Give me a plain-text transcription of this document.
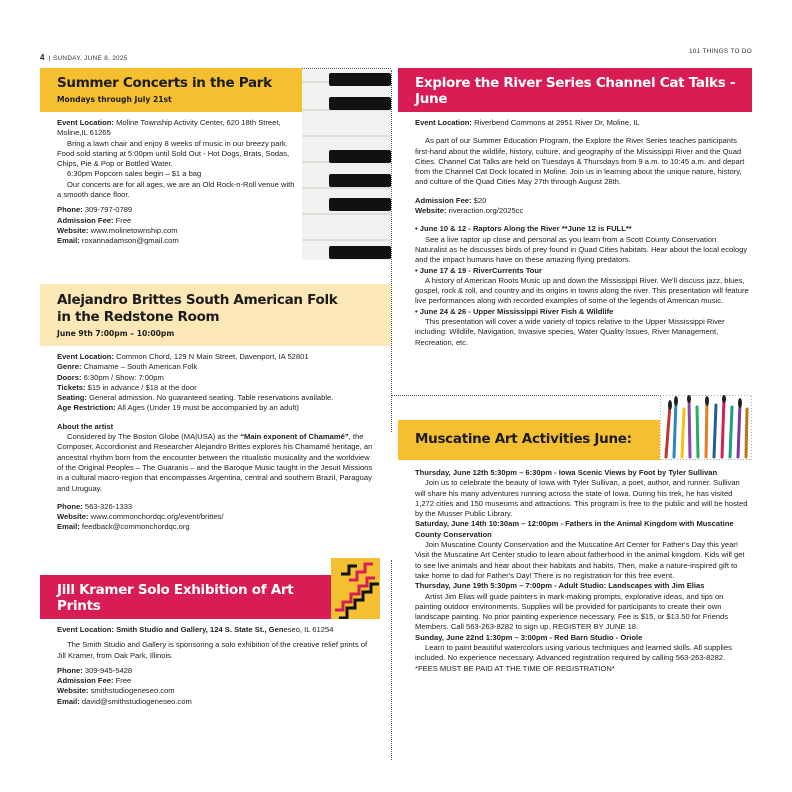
4 | SUNDAY, JUNE 8, 2025
101 THINGS TO DO
Summer Concerts in the Park
Mondays through July 21st

Event Location: Moline Township Activity Center, 620 18th Street, Moline,IL 61265

Bring a lawn chair and enjoy 8 weeks of music in our breezy park. Food sold starting at 5:00pm until Sold Out - Hot Dogs, Brats, Sodas, Chips, Pie & Pop or Bottled Water.

6:30pm Popcorn sales begin – $1 a bag

Our concerts are for all ages, we are an Old Rock-n-Roll venue with a smooth dance floor.

Phone: 309-797-0789

Admission Fee: Free

Website: www.molinetownship.com

Email: roxannadamson@gmail.com

Alejandro Brittes South American Folk
in the Redstone Room
June 9th 7:00pm – 10:00pm

Event Location: Common Chord, 129 N Main Street, Davenport, IA 52801

Genre: Chamame – South American Folk

Doors: 6:30pm / Show: 7:00pm

Tickets: $15 in advance / $18 at the door

Seating: General admission. No guaranteed seating. Table reservations available.

Age Restriction: All Ages (Under 19 must be accompanied by an adult)

About the artist

Considered by The Boston Globe (MA|USA) as the “Main exponent of Chamamé”, the Composer, Accordionist and Researcher Alejandro Brittes explores his Chamamé heritage, an ancestral rhythm born from the encounter between the ritualistic musicality and the worldview of the Original Peoples – The Guaranis – and the Baroque Music taught in the Jesuit Missions in a cultural macro-region that encompasses Argentina, central and southern Brazil, Paraguay and Uruguay.

Phone: 563-326-1333

Website: www.commonchordqc.org/event/brittes/

Email: feedback@commonchordqc.org

Jill Kramer Solo Exhibition of Art Prints
June 4 – July 30

Event Location: Smith Studio and Gallery, 124 S. State St., Geneseo, IL 61254

The Smith Studio and Gallery is sponsoring a solo exhibition of the creative relief prints of Jill Kramer, from Oak Park, Illinois.

Phone: 309-945-5428

Admission Fee: Free

Website: smithstudiogeneseo.com

Email: david@smithstudiogeneseo.com

Explore the River Series Channel Cat Talks - June
From May 27 – August 28

Event Location: Riverbend Commons at 2951 River Dr, Moline, IL

As part of our Summer Education Program, the Explore the River Series teaches participants first-hand about the wildlife, history, culture, and geography of the Mississippi River and the Quad Cities. Channel Cat Talks are held on Tuesdays & Thursdays from 9 a.m. to 10:45 a.m. and depart from the Channel Cat Dock located in Moline. Join us in learning about the unique nature, history, and culture of the Quad Cities May 27th through August 28th.

Admission Fee: $20

Website: riveraction.org/2025cc

• June 10 & 12 - Raptors Along the River **June 12 is FULL**

See a live raptor up close and personal as you learn from a Scott County Conservation Naturalist as he discusses birds of prey found in Quad Cities habitats. Hear about the local ecology and the impact humans have on these amazing flying predators.

• June 17 & 19 - RiverCurrents Tour

A history of American Roots Music up and down the Mississippi River. We'll discuss jazz, blues, gospel, rock & roll, and country and its origins in towns along the river. This presentation will feature live performances along with recorded examples of some of the legends of American music.

• June 24 & 26 - Upper Mississippi River Fish & Wildlife

This presentation will cover a wide variety of topics relative to the Upper Mississippi River including: Wildlife, Navigation, Invasive species, Water Quality Issues, River Management, Recreation, etc.

Muscatine Art Activities June:

Thursday, June 12th 5:30pm – 6:30pm - Iowa Scenic Views by Foot by Tyler Sullivan

Join us to celebrate the beauty of Iowa with Tyler Sullivan, a poet, author, and runner. Sullivan will share his many adventures running across the state of Iowa. During his trek, he has visited 1,272 cities and 150 museums and attractions. This program is free to the public and will be hosted by the Musser Public Library.

Saturday, June 14th 10:30am – 12:00pm - Fathers in the Animal Kingdom with Muscatine County Conservation

Join Muscatine County Conservation and the Muscatine Art Center for Father's Day this year! Visit the Muscatine Art Center studio to learn about fatherhood in the animal kingdom. Kids will get to see live animals and hear about their habitats and habits. Then, make a nature-inspired gift to take home to dad for Father's Day! There is no registration for this free event.

Thursday, June 19th 5:30pm – 7:00pm - Adult Studio: Landscapes with Jim Elias

Artist Jim Elias will guide painters in mark-making prompts, explorative ideas, and tips on painting outdoor environments. Supplies will be provided for participants to create their own landscape painting. No prior painting experience necessary. Fee is $15, or $13.50 for Friends Members. Call 563-263-8282 to sign up. REGISTER BY JUNE 18.

Sunday, June 22nd 1:30pm – 3:00pm - Red Barn Studio - Oriole

Learn to paint beautiful watercolors using various techniques and learned skills. All supplies included. No experience necessary. Advanced registration required by calling 563-263-8282. *FEES MUST BE PAID AT THE TIME OF REGISTRATION*
